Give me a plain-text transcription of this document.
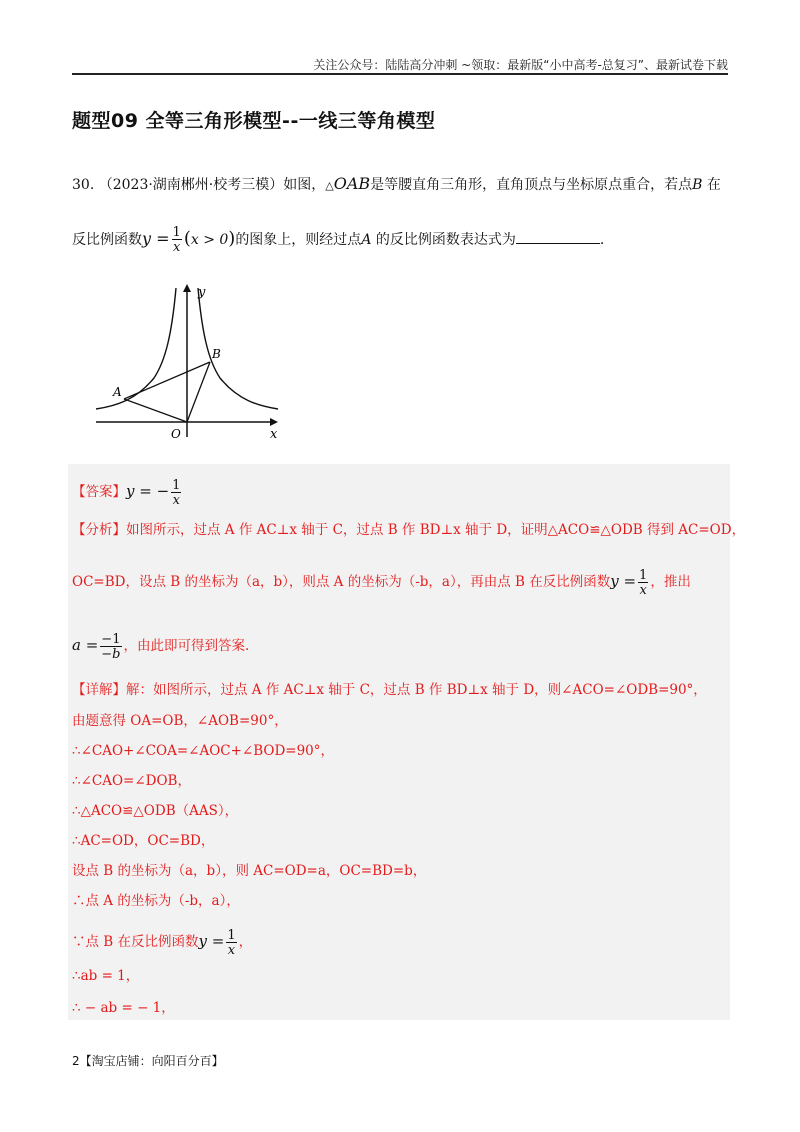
关注公众号：陆陆高分冲刺 ~领取：最新版“小中高考-总复习”、最新试卷下载
题型09 全等三角形模型--一线三等角模型
30. （2023·湖南郴州·校考三模）如图，△OAB是等腰直角三角形，直角顶点与坐标原点重合，若点B 在
反比例函数$y = \frac{1}{x} (x > 0)$的图象上，则经过点A 的反比例函数表达式为	.
y
x
O
A
B
【答案】y = − $\frac{1}{x}$
【分析】如图所示，过点 A 作 AC⊥x 轴于 C，过点 B 作 BD⊥x 轴于 D，证明△ACO≌△ODB 得到 AC=OD，
OC=BD，设点 B 的坐标为（a，b），则点 A 的坐标为（-b，a），再由点 B 在反比例函数$y = \frac{1}{x}$ ，推出
$a = \frac{-1}{-b}$ ，由此即可得到答案.
【详解】解：如图所示，过点 A 作 AC⊥x 轴于 C，过点 B 作 BD⊥x 轴于 D，则∠ACO=∠ODB=90°，
由题意得 OA=OB，∠AOB=90°，
∴∠CAO+∠COA=∠AOC+∠BOD=90°，
∴∠CAO=∠DOB，
∴△ACO≌△ODB（AAS），
∴AC=OD，OC=BD，
设点 B 的坐标为（a，b），则 AC=OD=a，OC=BD=b，
∴点 A 的坐标为（-b，a），
∵点 B 在反比例函数$y = \frac{1}{x}$ ，
∴ab = 1，
∴ − ab = − 1，
2【淘宝店铺：向阳百分百】
